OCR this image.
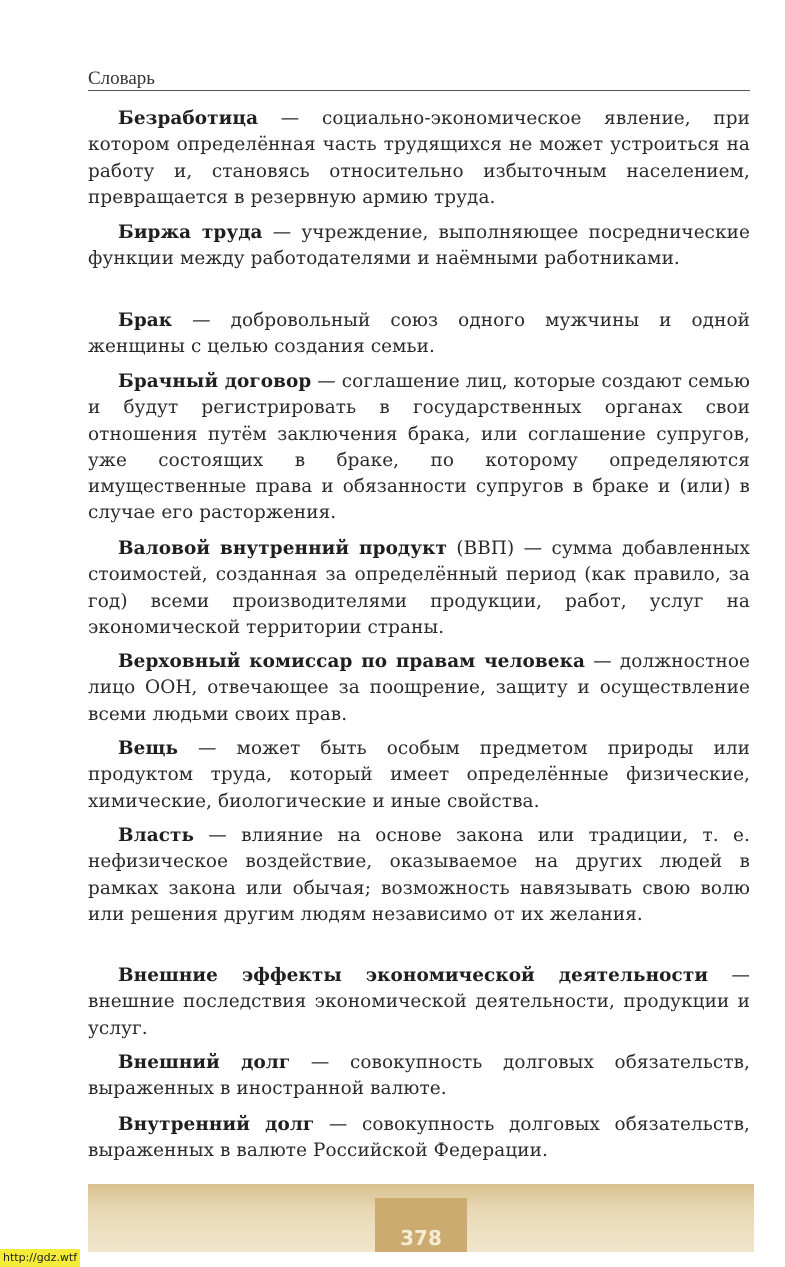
Словарь
Безработица — социально-экономическое явление, при котором определённая часть трудящихся не может устроиться на работу и, становясь относительно избыточным населением, превращается в резервную армию труда.
Биржа труда — учреждение, выполняющее посреднические функции между работодателями и наёмными работниками.
Брак — добровольный союз одного мужчины и одной женщины с целью создания семьи.
Брачный договор — соглашение лиц, которые создают семью и будут регистрировать в государственных органах свои отношения путём заключения брака, или соглашение супругов, уже состоящих в браке, по которому определяются имущественные права и обязанности супругов в браке и (или) в случае его расторжения.
Валовой внутренний продукт (ВВП) — сумма добавленных стоимостей, созданная за определённый период (как правило, за год) всеми производителями продукции, работ, услуг на экономической территории страны.
Верховный комиссар по правам человека — должностное лицо ООН, отвечающее за поощрение, защиту и осуществление всеми людьми своих прав.
Вещь — может быть особым предметом природы или продуктом труда, который имеет определённые физические, химические, биологические и иные свойства.
Власть — влияние на основе закона или традиции, т. е. нефизическое воздействие, оказываемое на других людей в рамках закона или обычая; возможность навязывать свою волю или решения другим людям независимо от их желания.
Внешние эффекты экономической деятельности — внешние последствия экономической деятельности, продукции и услуг.
Внешний долг — совокупность долговых обязательств, выраженных в иностранной валюте.
Внутренний долг — совокупность долговых обязательств, выраженных в валюте Российской Федерации.
378
http://gdz.wtf
